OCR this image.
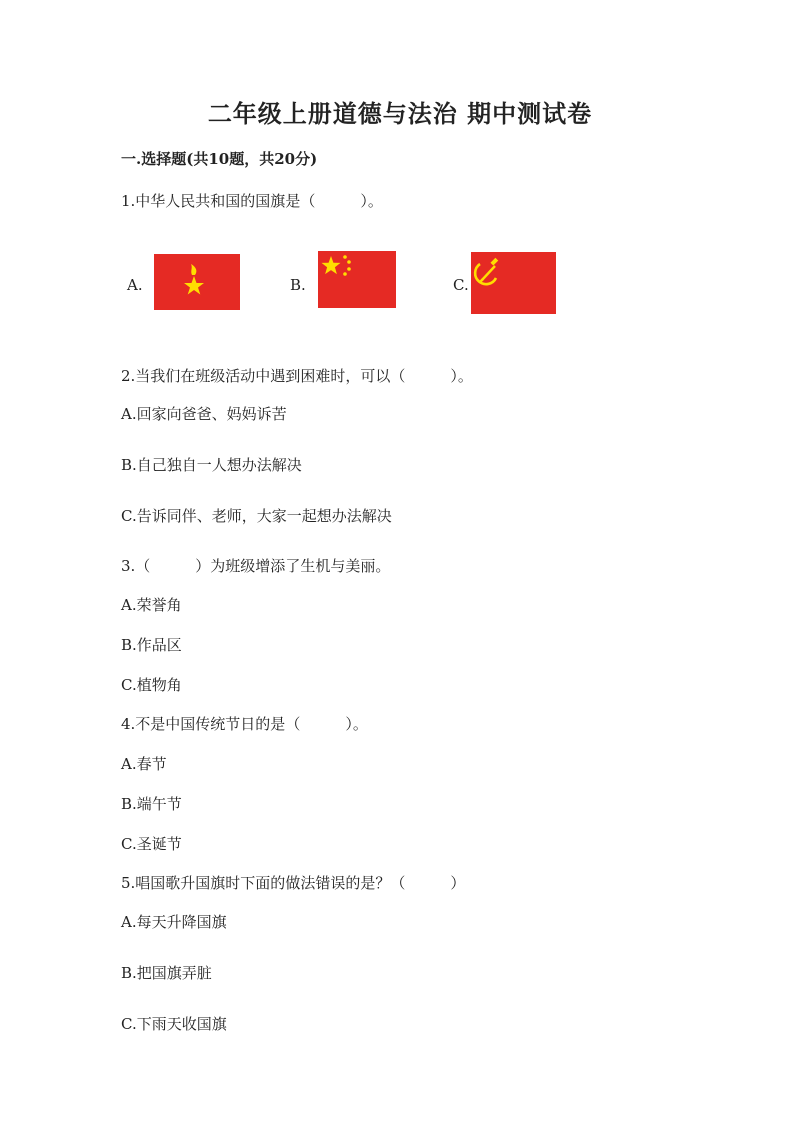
二年级上册道德与法治 期中测试卷
一.选择题(共10题，共20分)
1.中华人民共和国的国旗是（　　　）。
A.	B.	C.
2.当我们在班级活动中遇到困难时，可以（　　　）。
A.回家向爸爸、妈妈诉苦
B.自己独自一人想办法解决
C.告诉同伴、老师，大家一起想办法解决
3.（　　　）为班级增添了生机与美丽。
A.荣誉角
B.作品区
C.植物角
4.不是中国传统节日的是（　　　）。
A.春节
B.端午节
C.圣诞节
5.唱国歌升国旗时下面的做法错误的是？（　　　）
A.每天升降国旗
B.把国旗弄脏
C.下雨天收国旗
